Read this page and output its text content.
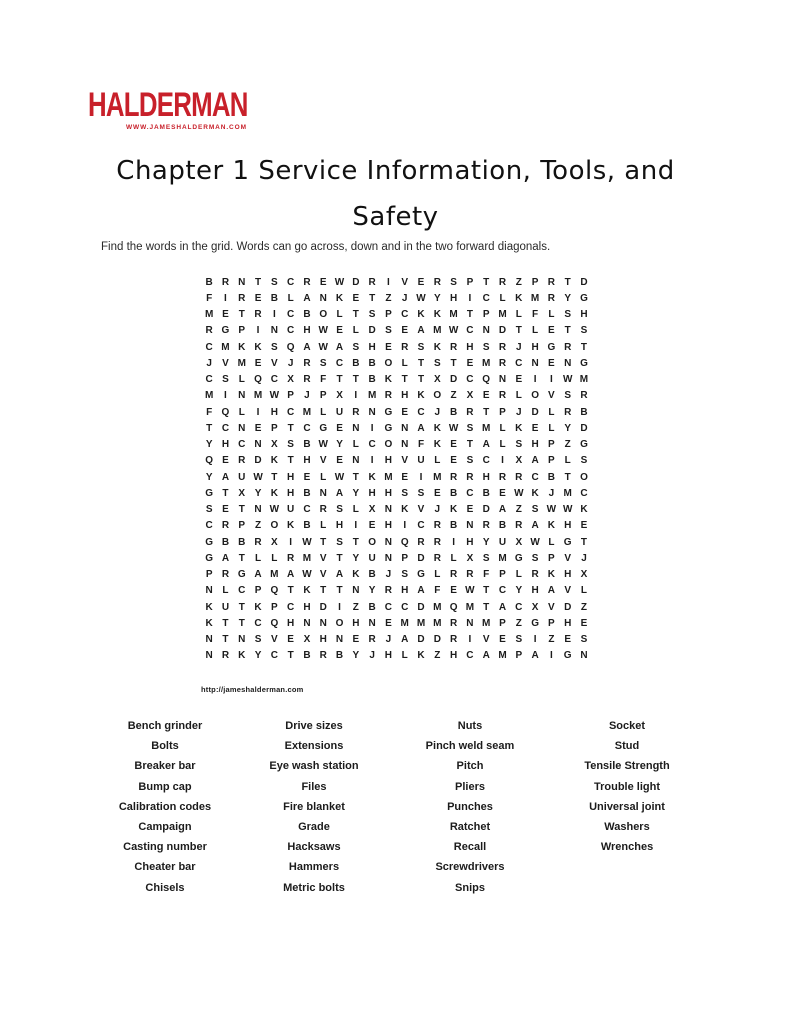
HALDERMAN
WWW.JAMESHALDERMAN.COM
Chapter 1 Service Information, Tools, and
Safety
Find the words in the grid. Words can go across, down and in the two forward diagonals.
B R N T S C R E W D R	I	V E R S P T R Z P R T D
F	I	R E B L A N K E T	Z	J W Y H	I	C L K M R Y G
M E T R	I	C B O L	T S P C K K M T P M L	F	L S H
R G P	I	N C H W E L D S E A M W C N D T	L E T S
C M K K S Q A W A S H E R S K R H S R J H G R T
J	V M E V	J R S C B B O L	T S T E M R C N E N G
C S L Q C X R F	T	T B K T	T X D C Q N E	I	I	W M
M	I	N M W P	J	P X	I	M R H K O Z X E R L O V S R
F Q L	I	H C M L U R N G E C J B R T P	J D L R B
T C N E P T C G E N	I	G N A K W S M L K E L Y D
Y H C N X S B W Y L C O N F K E T A L S H P Z G
Q E R D K T H V E N	I	H V U L E S C	I	X A P L S
Y A U W T H E L W T K M E	I	M R R H R R C B T O
G T X Y K H B N A Y H H S S E B C B E W K J M C
S E T N W U C R S L X N K V	J K E D A Z S W W K
C R P Z O K B L H	I	E H	I	C R B N R B R A K H E
G B B R X	I	W T S T O N Q R R	I	H Y U X W L G T
G A T	L	L R M V T Y U N P D R L X S M G S P V	J
P R G A M A W V A K B J	S G L R R F P L R K H X
N L C P Q T K T	T N Y R H A F E W T C Y H A V L
K U T K P C H D	I	Z B C C D M Q M T A C X V D Z
K T	T C Q H N N O H N E M M M R N M P Z G P H E
N T N S V E X H N E R J A D D R	I	V E S	I	Z E S
N R K Y C T B R B Y	J H L K Z H C A M P A	I	G N
http://jameshalderman.com
Bench grinder
Bolts
Breaker bar
Bump cap
Calibration codes
Campaign
Casting number
Cheater bar
Chisels
Drive sizes
Extensions
Eye wash station
Files
Fire blanket
Grade
Hacksaws
Hammers
Metric bolts
Nuts
Pinch weld seam
Pitch
Pliers
Punches
Ratchet
Recall
Screwdrivers
Snips
Socket
Stud
Tensile Strength
Trouble light
Universal joint
Washers
Wrenches
